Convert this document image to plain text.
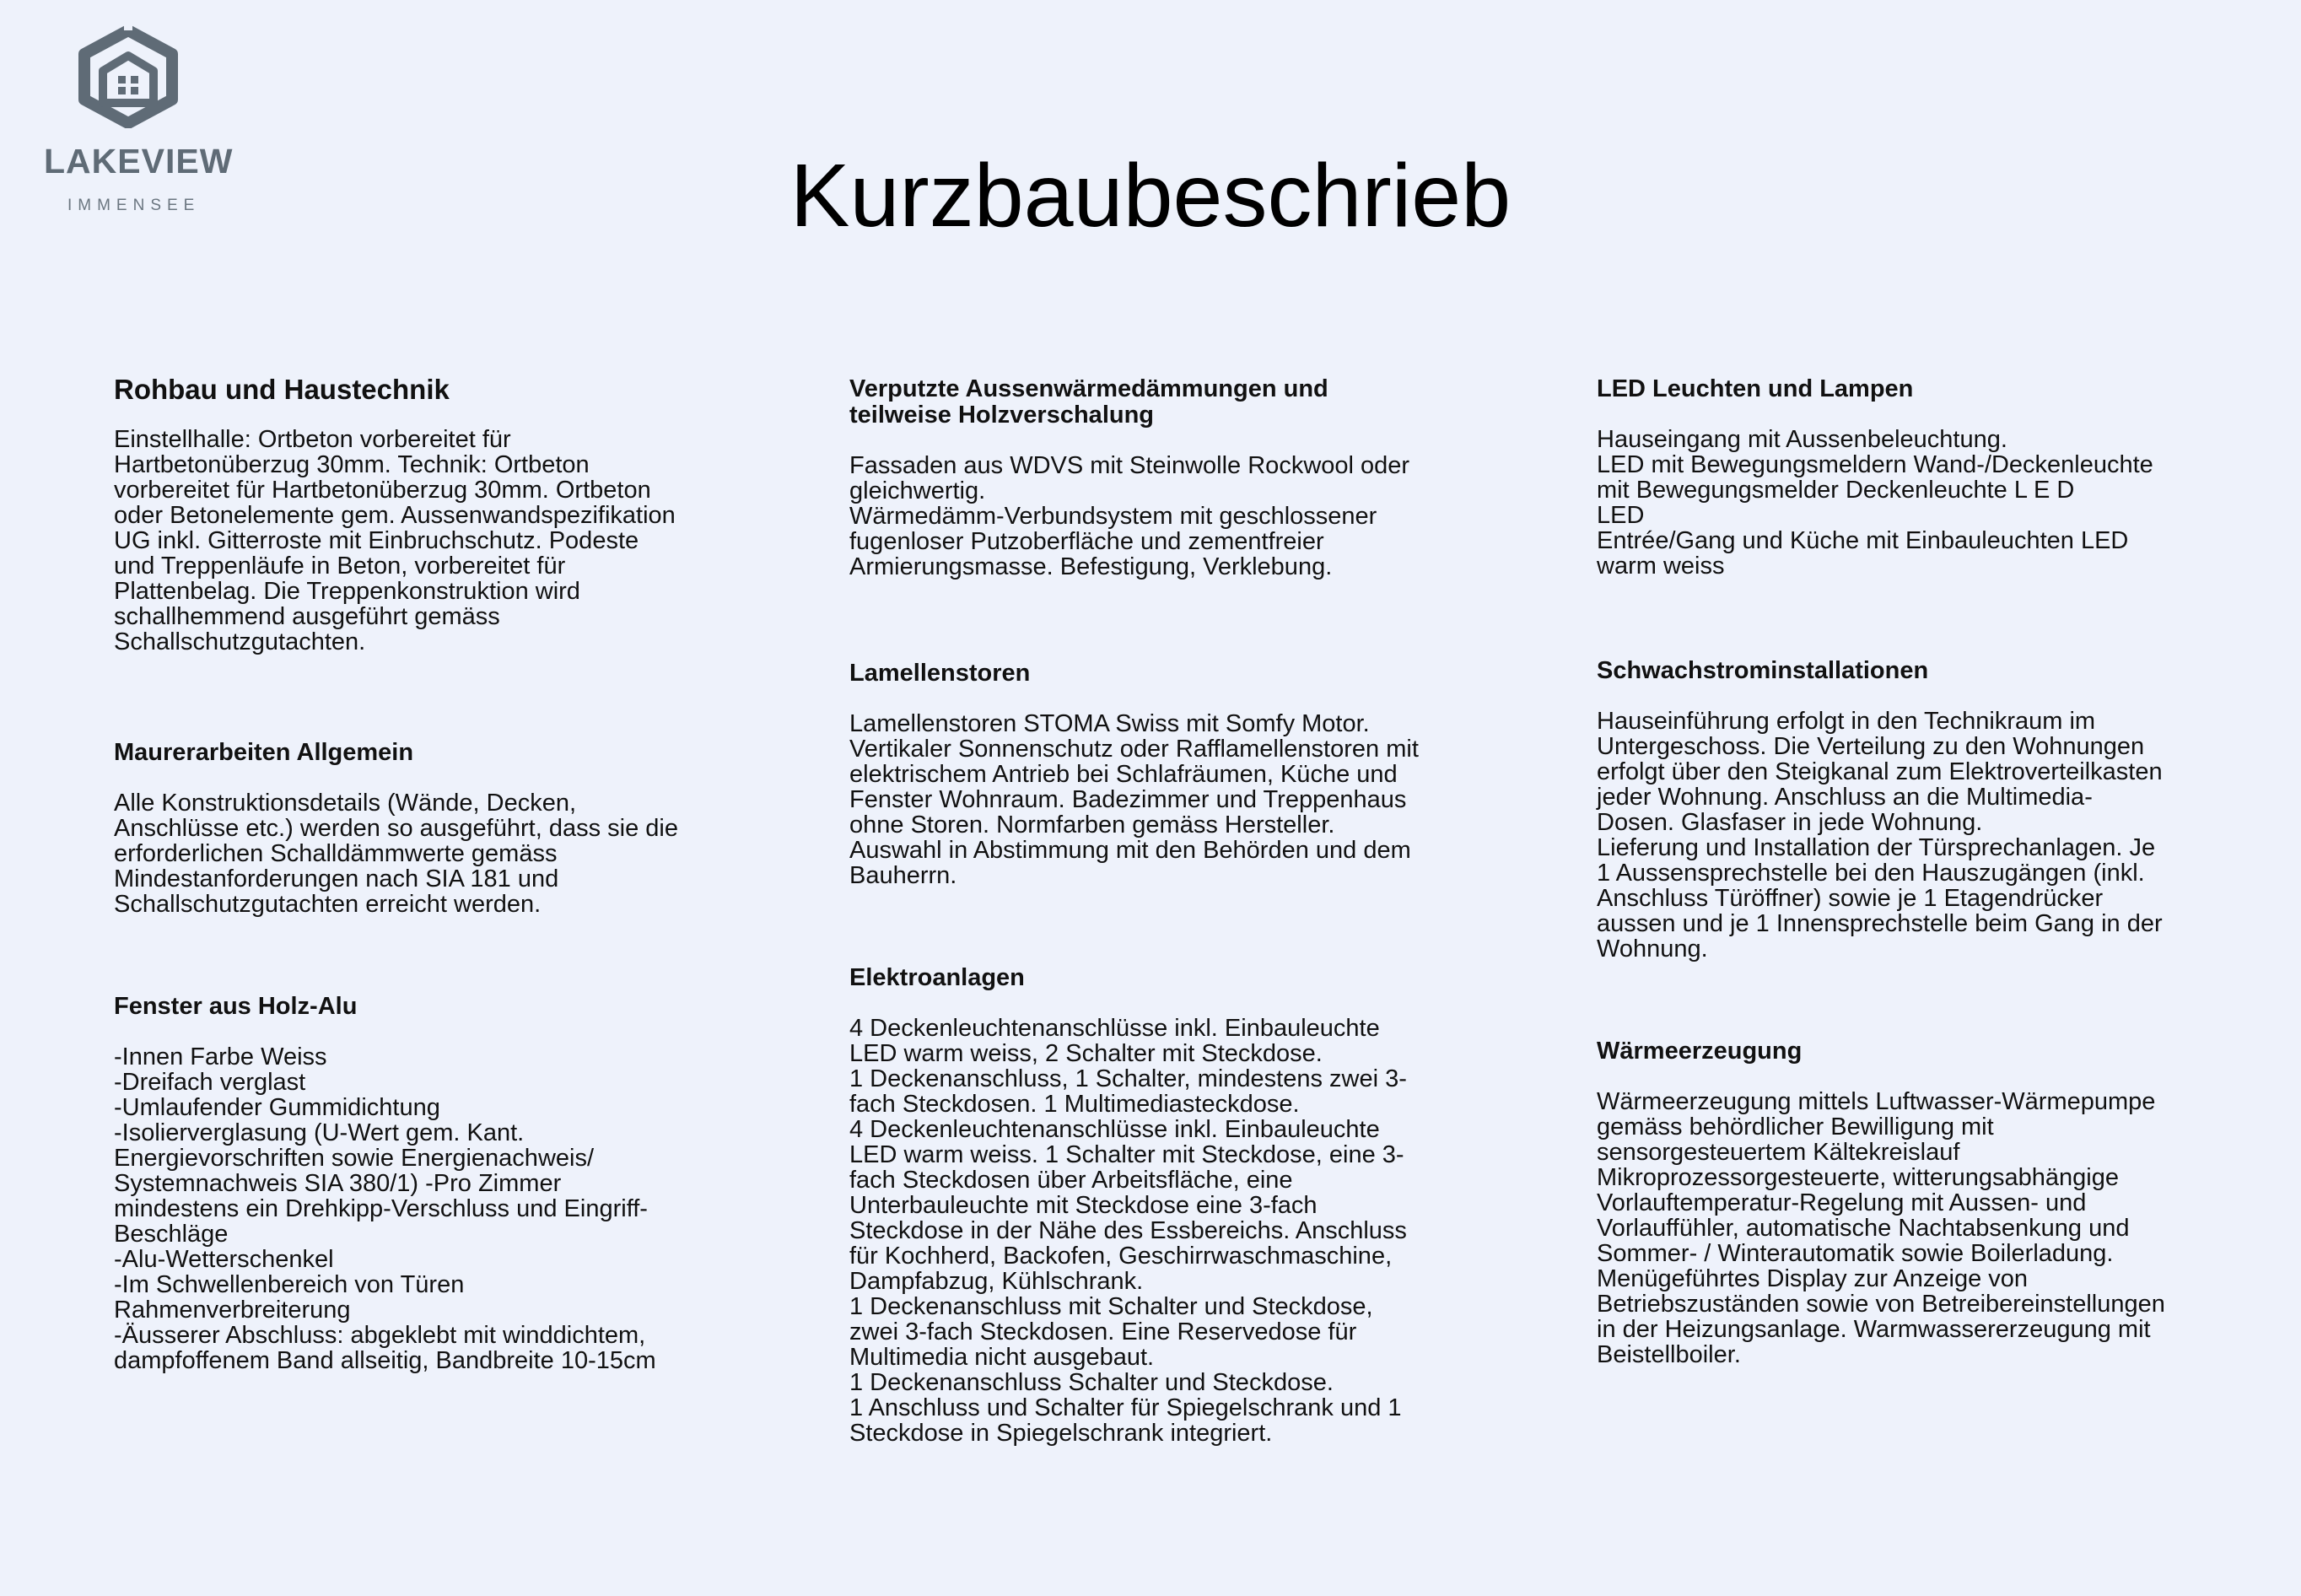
LAKEVIEW
IMMENSEE	Kurzbaubeschrieb
Rohbau und Haustechnik

Einstellhalle: Ortbeton vorbereitet für
Hartbetonüberzug 30mm. Technik: Ortbeton
vorbereitet für Hartbetonüberzug 30mm. Ortbeton
oder Betonelemente gem. Aussenwandspezifikation
UG inkl. Gitterroste mit Einbruchschutz. Podeste
und Treppenläufe in Beton, vorbereitet für
Plattenbelag. Die Treppenkonstruktion wird
schallhemmend ausgeführt gemäss
Schallschutzgutachten.

Maurerarbeiten Allgemein

Alle Konstruktionsdetails (Wände, Decken,
Anschlüsse etc.) werden so ausgeführt, dass sie die
erforderlichen Schalldämmwerte gemäss
Mindestanforderungen nach SIA 181 und
Schallschutzgutachten erreicht werden.

Fenster aus Holz-Alu

-Innen Farbe Weiss
-Dreifach verglast
-Umlaufender Gummidichtung
-Isolierverglasung (U-Wert gem. Kant.
Energievorschriften sowie Energienachweis/
Systemnachweis SIA 380/1) -Pro Zimmer
mindestens ein Drehkipp-Verschluss und Eingriff-
Beschläge
-Alu-Wetterschenkel
-Im Schwellenbereich von Türen
Rahmenverbreiterung
-Äusserer Abschluss: abgeklebt mit winddichtem,
dampfoffenem Band allseitig, Bandbreite 10-15cm

Verputzte Aussenwärmedämmungen und
teilweise Holzverschalung

Fassaden aus WDVS mit Steinwolle Rockwool oder
gleichwertig.
Wärmedämm-Verbundsystem mit geschlossener
fugenloser Putzoberfläche und zementfreier
Armierungsmasse. Befestigung, Verklebung.

Lamellenstoren

Lamellenstoren STOMA Swiss mit Somfy Motor.
Vertikaler Sonnenschutz oder Rafflamellenstoren mit
elektrischem Antrieb bei Schlafräumen, Küche und
Fenster Wohnraum. Badezimmer und Treppenhaus
ohne Storen. Normfarben gemäss Hersteller.
Auswahl in Abstimmung mit den Behörden und dem
Bauherrn.

Elektroanlagen

4 Deckenleuchtenanschlüsse inkl. Einbauleuchte
LED warm weiss, 2 Schalter mit Steckdose.
1 Deckenanschluss, 1 Schalter, mindestens zwei 3-
fach Steckdosen. 1 Multimediasteckdose.
4 Deckenleuchtenanschlüsse inkl. Einbauleuchte
LED warm weiss. 1 Schalter mit Steckdose, eine 3-
fach Steckdosen über Arbeitsfläche, eine
Unterbauleuchte mit Steckdose eine 3-fach
Steckdose in der Nähe des Essbereichs. Anschluss
für Kochherd, Backofen, Geschirrwaschmaschine,
Dampfabzug, Kühlschrank.
1 Deckenanschluss mit Schalter und Steckdose,
zwei 3-fach Steckdosen. Eine Reservedose für
Multimedia nicht ausgebaut.
1 Deckenanschluss Schalter und Steckdose.
1 Anschluss und Schalter für Spiegelschrank und 1
Steckdose in Spiegelschrank integriert.

LED Leuchten und Lampen

Hauseingang mit Aussenbeleuchtung.
LED mit Bewegungsmeldern Wand-/Deckenleuchte
mit Bewegungsmelder Deckenleuchte L E D
LED
Entrée/Gang und Küche mit Einbauleuchten LED
warm weiss

Schwachstrominstallationen

Hauseinführung erfolgt in den Technikraum im
Untergeschoss. Die Verteilung zu den Wohnungen
erfolgt über den Steigkanal zum Elektroverteilkasten
jeder Wohnung. Anschluss an die Multimedia-
Dosen. Glasfaser in jede Wohnung.
Lieferung und Installation der Türsprechanlagen. Je
1 Aussensprechstelle bei den Hauszugängen (inkl.
Anschluss Türöffner) sowie je 1 Etagendrücker
aussen und je 1 Innensprechstelle beim Gang in der
Wohnung.

Wärmeerzeugung

Wärmeerzeugung mittels Luftwasser-Wärmepumpe
gemäss behördlicher Bewilligung mit
sensorgesteuertem Kältekreislauf
Mikroprozessorgesteuerte, witterungsabhängige
Vorlauftemperatur-Regelung mit Aussen- und
Vorlauffühler, automatische Nachtabsenkung und
Sommer- / Winterautomatik sowie Boilerladung.
Menügeführtes Display zur Anzeige von
Betriebszuständen sowie von Betreibereinstellungen
in der Heizungsanlage. Warmwassererzeugung mit
Beistellboiler.
